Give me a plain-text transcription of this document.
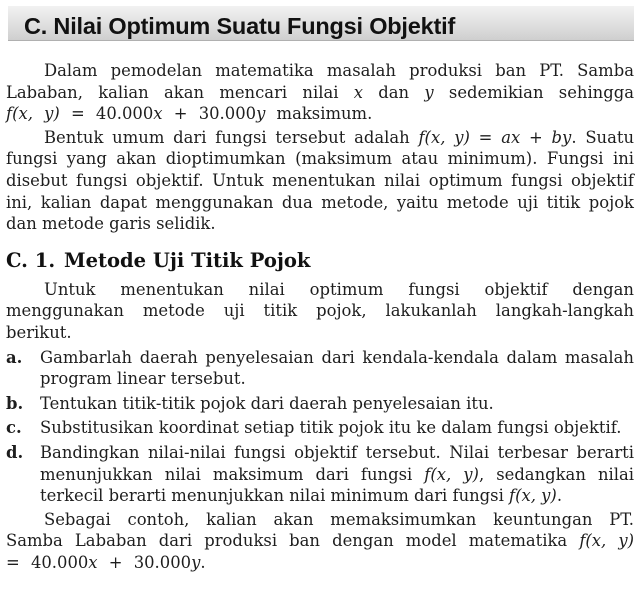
C. Nilai Optimum Suatu Fungsi Objektif

Dalam pemodelan matematika masalah produksi ban PT. Samba Lababan, kalian akan mencari nilai x dan y sedemikian sehingga f(x, y) = 40.000x + 30.000y maksimum.

Bentuk umum dari fungsi tersebut adalah f(x, y) = ax + by. Suatu fungsi yang akan dioptimumkan (maksimum atau minimum). Fungsi ini disebut fungsi objektif. Untuk menentukan nilai optimum fungsi objektif ini, kalian dapat menggunakan dua metode, yaitu metode uji titik pojok dan metode garis selidik.

C. 1. Metode Uji Titik Pojok

Untuk menentukan nilai optimum fungsi objektif dengan menggunakan metode uji titik pojok, lakukanlah langkah-langkah berikut.

a.	Gambarlah daerah penyelesaian dari kendala-kendala dalam masalah program linear tersebut.
b.	Tentukan titik-titik pojok dari daerah penyelesaian itu.
c.	Substitusikan koordinat setiap titik pojok itu ke dalam fungsi objektif.
d.	Bandingkan nilai-nilai fungsi objektif tersebut. Nilai terbesar berarti menunjukkan nilai maksimum dari fungsi f(x, y), sedangkan nilai terkecil berarti menunjukkan nilai minimum dari fungsi f(x, y).

Sebagai contoh, kalian akan memaksimumkan keuntungan PT. Samba Lababan dari produksi ban dengan model matematika f(x, y) = 40.000x + 30.000y.
